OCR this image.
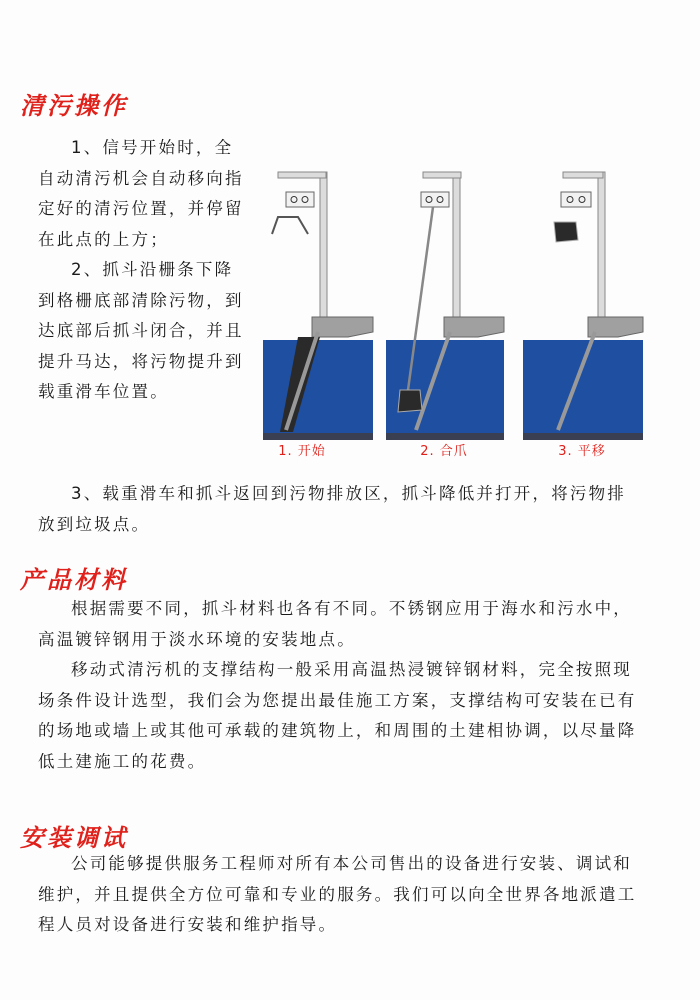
清污操作

1、信号开始时，全自动清污机会自动移向指定好的清污位置，并停留在此点的上方；

2、抓斗沿栅条下降到格栅底部清除污物，到达底部后抓斗闭合，并且提升马达，将污物提升到载重滑车位置。

3、载重滑车和抓斗返回到污物排放区，抓斗降低并打开，将污物排放到垃圾点。

1. 开始	2. 合爪	3. 平移
产品材料

根据需要不同，抓斗材料也各有不同。不锈钢应用于海水和污水中，高温镀锌钢用于淡水环境的安装地点。

移动式清污机的支撑结构一般采用高温热浸镀锌钢材料，完全按照现场条件设计选型，我们会为您提出最佳施工方案，支撑结构可安装在已有的场地或墙上或其他可承载的建筑物上，和周围的土建相协调，以尽量降低土建施工的花费。

安装调试

公司能够提供服务工程师对所有本公司售出的设备进行安装、调试和维护，并且提供全方位可靠和专业的服务。我们可以向全世界各地派遣工程人员对设备进行安装和维护指导。
